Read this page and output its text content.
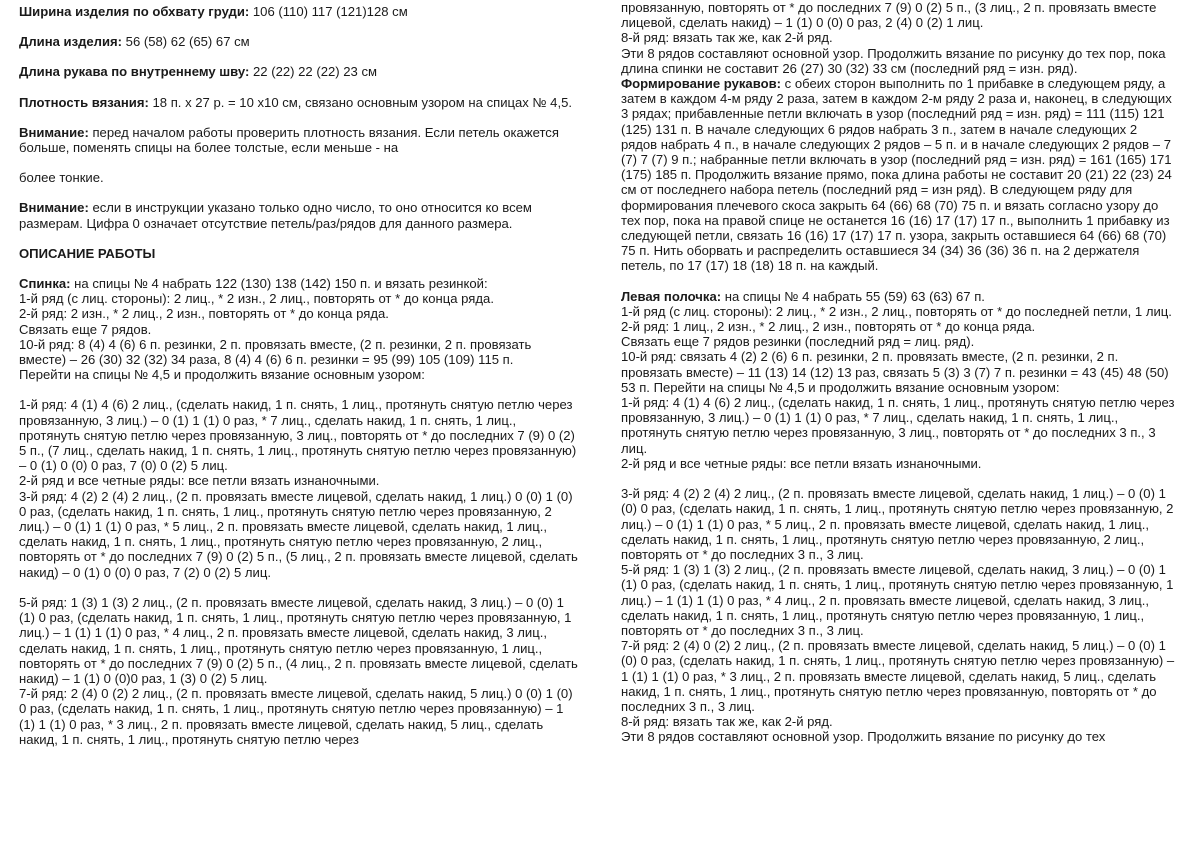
Ширина изделия по обхвату груди: 106 (110) 117 (121)128 см

Длина изделия: 56 (58) 62 (65) 67 см

Длина рукава по внутреннему шву: 22 (22) 22 (22) 23 см

Плотность вязания: 18 п. х 27 р. = 10 х10 см, связано основным узором на спицах № 4,5.

Внимание: перед началом работы проверить плотность вязания. Если петель окажется больше, поменять спицы на более толстые, если меньше - на

более тонкие.

Внимание: если в инструкции указано только одно число, то оно относится ко всем размерам. Цифра 0 означает отсутствие петель/раз/рядов для данного размера.

ОПИСАНИЕ РАБОТЫ

Спинка: на спицы № 4 набрать 122 (130) 138 (142) 150 п. и вязать резинкой:

1-й ряд (с лиц. стороны): 2 лиц., * 2 изн., 2 лиц., повторять от * до конца ряда.

2-й ряд: 2 изн., * 2 лиц., 2 изн., повторять от * до конца ряда.

Связать еще 7 рядов.

10-й ряд: 8 (4) 4 (6) 6 п. резинки, 2 п. провязать вместе, (2 п. резинки, 2 п. провязать вместе) – 26 (30) 32 (32) 34 раза, 8 (4) 4 (6) 6 п. резинки = 95 (99) 105 (109) 115 п.

Перейти на спицы № 4,5 и продолжить вязание основным узором:

1-й ряд: 4 (1) 4 (6) 2 лиц., (сделать накид, 1 п. снять, 1 лиц., протянуть снятую петлю через провязанную, 3 лиц.) – 0 (1) 1 (1) 0 раз, * 7 лиц., сделать накид, 1 п. снять, 1 лиц., протянуть снятую петлю через провязанную, 3 лиц., повторять от * до последних 7 (9) 0 (2) 5 п., (7 лиц., сделать накид, 1 п. снять, 1 лиц., протянуть снятую петлю через провязанную) – 0 (1) 0 (0) 0 раз, 7 (0) 0 (2) 5 лиц.

2-й ряд и все четные ряды: все петли вязать изнаночными.

3-й ряд: 4 (2) 2 (4) 2 лиц., (2 п. провязать вместе лицевой, сделать накид, 1 лиц.) 0 (0) 1 (0) 0 раз, (сделать накид, 1 п. снять, 1 лиц., протянуть снятую петлю через провязанную, 2 лиц.) – 0 (1) 1 (1) 0 раз, * 5 лиц., 2 п. провязать вместе лицевой, сделать накид, 1 лиц., сделать накид, 1 п. снять, 1 лиц., протянуть снятую петлю через провязанную, 2 лиц., повторять от * до последних 7 (9) 0 (2) 5 п., (5 лиц., 2 п. провязать вместе лицевой, сделать накид) – 0 (1) 0 (0) 0 раз, 7 (2) 0 (2) 5 лиц.

5-й ряд: 1 (3) 1 (3) 2 лиц., (2 п. провязать вместе лицевой, сделать накид, 3 лиц.) – 0 (0) 1 (1) 0 раз, (сделать накид, 1 п. снять, 1 лиц., протянуть снятую петлю через провязанную, 1 лиц.) – 1 (1) 1 (1) 0 раз, * 4 лиц., 2 п. провязать вместе лицевой, сделать накид, 3 лиц., сделать накид, 1 п. снять, 1 лиц., протянуть снятую петлю через провязанную, 1 лиц., повторять от * до последних 7 (9) 0 (2) 5 п., (4 лиц., 2 п. провязать вместе лицевой, сделать накид) – 1 (1) 0 (0)0 раз, 1 (3) 0 (2) 5 лиц.

7-й ряд: 2 (4) 0 (2) 2 лиц., (2 п. провязать вместе лицевой, сделать накид, 5 лиц.) 0 (0) 1 (0) 0 раз, (сделать накид, 1 п. снять, 1 лиц., протянуть снятую петлю через провязанную) – 1 (1) 1 (1) 0 раз, * 3 лиц., 2 п. провязать вместе лицевой, сделать накид, 5 лиц., сделать накид, 1 п. снять, 1 лиц., протянуть снятую петлю через

провязанную, повторять от * до последних 7 (9) 0 (2) 5 п., (3 лиц., 2 п. провязать вместе лицевой, сделать накид) – 1 (1) 0 (0) 0 раз, 2 (4) 0 (2) 1 лиц.

8-й ряд: вязать так же, как 2-й ряд.

Эти 8 рядов составляют основной узор. Продолжить вязание по рисунку до тех пор, пока длина спинки не составит 26 (27) 30 (32) 33 см (последний ряд = изн. ряд).

Формирование рукавов: с обеих сторон выполнить по 1 прибавке в следующем ряду, а затем в каждом 4-м ряду 2 раза, затем в каждом 2-м ряду 2 раза и, наконец, в следующих 3 рядах; прибавленные петли включать в узор (последний ряд = изн. ряд) = 111 (115) 121 (125) 131 п. В начале следующих 6 рядов набрать 3 п., затем в начале следующих 2 рядов набрать 4 п., в начале следующих 2 рядов – 5 п. и в начале следующих 2 рядов – 7 (7) 7 (7) 9 п.; набранные петли включать в узор (последний ряд = изн. ряд) = 161 (165) 171 (175) 185 п. Продолжить вязание прямо, пока длина работы не составит 20 (21) 22 (23) 24 см от последнего набора петель (последний ряд = изн ряд). В следующем ряду для формирования плечевого скоса закрыть 64 (66) 68 (70) 75 п. и вязать согласно узору до тех пор, пока на правой спице не останется 16 (16) 17 (17) 17 п., выполнить 1 прибавку из следующей петли, связать 16 (16) 17 (17) 17 п. узора, закрыть оставшиеся 64 (66) 68 (70) 75 п. Нить оборвать и распределить оставшиеся 34 (34) 36 (36) 36 п. на 2 держателя петель, по 17 (17) 18 (18) 18 п. на каждый.

Левая полочка: на спицы № 4 набрать 55 (59) 63 (63) 67 п.

1-й ряд (с лиц. стороны): 2 лиц., * 2 изн., 2 лиц., повторять от * до последней петли, 1 лиц.

2-й ряд: 1 лиц., 2 изн., * 2 лиц., 2 изн., повторять от * до конца ряда.

Связать еще 7 рядов резинки (последний ряд = лиц. ряд).

10-й ряд: связать 4 (2) 2 (6) 6 п. резинки, 2 п. провязать вместе, (2 п. резинки, 2 п. провязать вместе) – 11 (13) 14 (12) 13 раз, связать 5 (3) 3 (7) 7 п. резинки = 43 (45) 48 (50) 53 п. Перейти на спицы № 4,5 и продолжить вязание основным узором:

1-й ряд: 4 (1) 4 (6) 2 лиц., (сделать накид, 1 п. снять, 1 лиц., протянуть снятую петлю через провязанную, 3 лиц.) – 0 (1) 1 (1) 0 раз, * 7 лиц., сделать накид, 1 п. снять, 1 лиц., протянуть снятую петлю через провязанную, 3 лиц., повторять от * до последних 3 п., 3 лиц.

2-й ряд и все четные ряды: все петли вязать изнаночными.

3-й ряд: 4 (2) 2 (4) 2 лиц., (2 п. провязать вместе лицевой, сделать накид, 1 лиц.) – 0 (0) 1 (0) 0 раз, (сделать накид, 1 п. снять, 1 лиц., протянуть снятую петлю через провязанную, 2 лиц.) – 0 (1) 1 (1) 0 раз, * 5 лиц., 2 п. провязать вместе лицевой, сделать накид, 1 лиц., сделать накид, 1 п. снять, 1 лиц., протянуть снятую петлю через провязанную, 2 лиц., повторять от * до последних 3 п., 3 лиц.

5-й ряд: 1 (3) 1 (3) 2 лиц., (2 п. провязать вместе лицевой, сделать накид, 3 лиц.) – 0 (0) 1 (1) 0 раз, (сделать накид, 1 п. снять, 1 лиц., протянуть снятую петлю через провязанную, 1 лиц.) – 1 (1) 1 (1) 0 раз, * 4 лиц., 2 п. провязать вместе лицевой, сделать накид, 3 лиц., сделать накид, 1 п. снять, 1 лиц., протянуть снятую петлю через провязанную, 1 лиц., повторять от * до последних 3 п., 3 лиц.

7-й ряд: 2 (4) 0 (2) 2 лиц., (2 п. провязать вместе лицевой, сделать накид, 5 лиц.) – 0 (0) 1 (0) 0 раз, (сделать накид, 1 п. снять, 1 лиц., протянуть снятую петлю через провязанную) – 1 (1) 1 (1) 0 раз, * 3 лиц., 2 п. провязать вместе лицевой, сделать накид, 5 лиц., сделать накид, 1 п. снять, 1 лиц., протянуть снятую петлю через провязанную, повторять от * до последних 3 п., 3 лиц.

8-й ряд: вязать так же, как 2-й ряд.

Эти 8 рядов составляют основной узор. Продолжить вязание по рисунку до тех
